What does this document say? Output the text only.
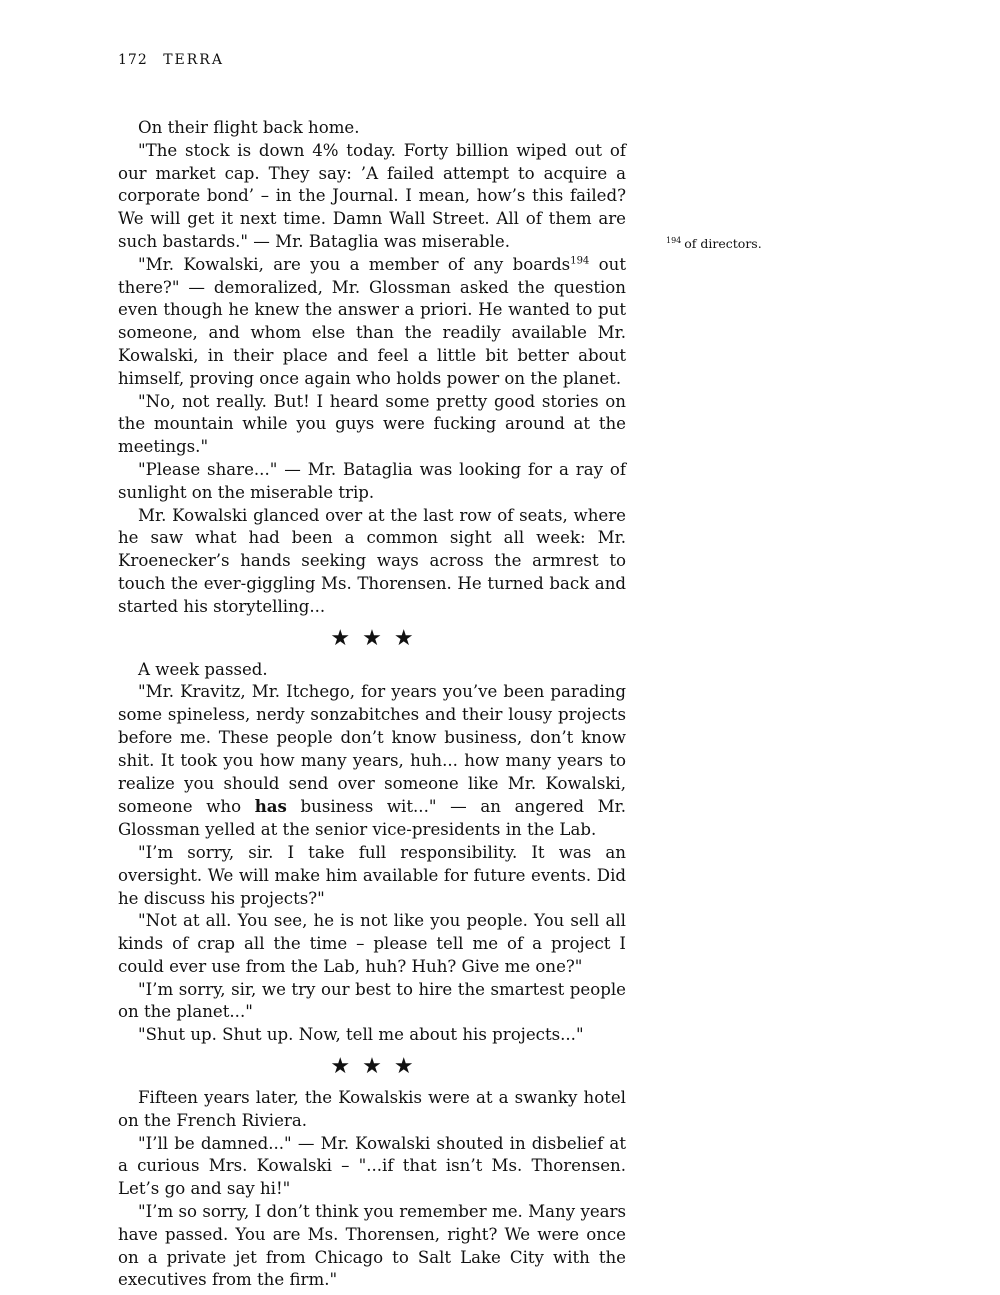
172 TERRA

On their flight back home.

"The stock is down 4% today. Forty billion wiped out of our market cap. They say: ’A failed attempt to acquire a corporate bond’ – in the Journal. I mean, how’s this failed? We will get it next time. Damn Wall Street. All of them are such bastards." — Mr. Bataglia was miserable.

"Mr. Kowalski, are you a member of any boards$^{194}$ out there?" — demoralized, Mr. Glossman asked the question even though he knew the answer a priori. He wanted to put someone, and whom else than the readily available Mr. Kowalski, in their place and feel a little bit better about himself, proving once again who holds power on the planet.

"No, not really. But! I heard some pretty good stories on the mountain while you guys were fucking around at the meetings."

"Please share..." — Mr. Bataglia was looking for a ray of sunlight on the miserable trip.

Mr. Kowalski glanced over at the last row of seats, where he saw what had been a common sight all week: Mr. Kroenecker’s hands seeking ways across the armrest to touch the ever-giggling Ms. Thorensen. He turned back and started his storytelling...

★★★

A week passed.

"Mr. Kravitz, Mr. Itchego, for years you’ve been parading some spineless, nerdy sonzabitches and their lousy projects before me. These people don’t know business, don’t know shit. It took you how many years, huh... how many years to realize you should send over someone like Mr. Kowalski, someone who has business wit..." — an angered Mr. Glossman yelled at the senior vice-presidents in the Lab.

"I’m sorry, sir. I take full responsibility. It was an oversight. We will make him available for future events. Did he discuss his projects?"

"Not at all. You see, he is not like you people. You sell all kinds of crap all the time – please tell me of a project I could ever use from the Lab, huh? Huh? Give me one?"

"I’m sorry, sir, we try our best to hire the smartest people on the planet..."

"Shut up. Shut up. Now, tell me about his projects..."

★★★

Fifteen years later, the Kowalskis were at a swanky hotel on the French Riviera.

"I’ll be damned..." — Mr. Kowalski shouted in disbelief at a curious Mrs. Kowalski – "...if that isn’t Ms. Thorensen. Let’s go and say hi!"

"I’m so sorry, I don’t think you remember me. Many years have passed. You are Ms. Thorensen, right? We were once on a private jet from Chicago to Salt Lake City with the executives from the firm."

$^{194}$ of directors.
